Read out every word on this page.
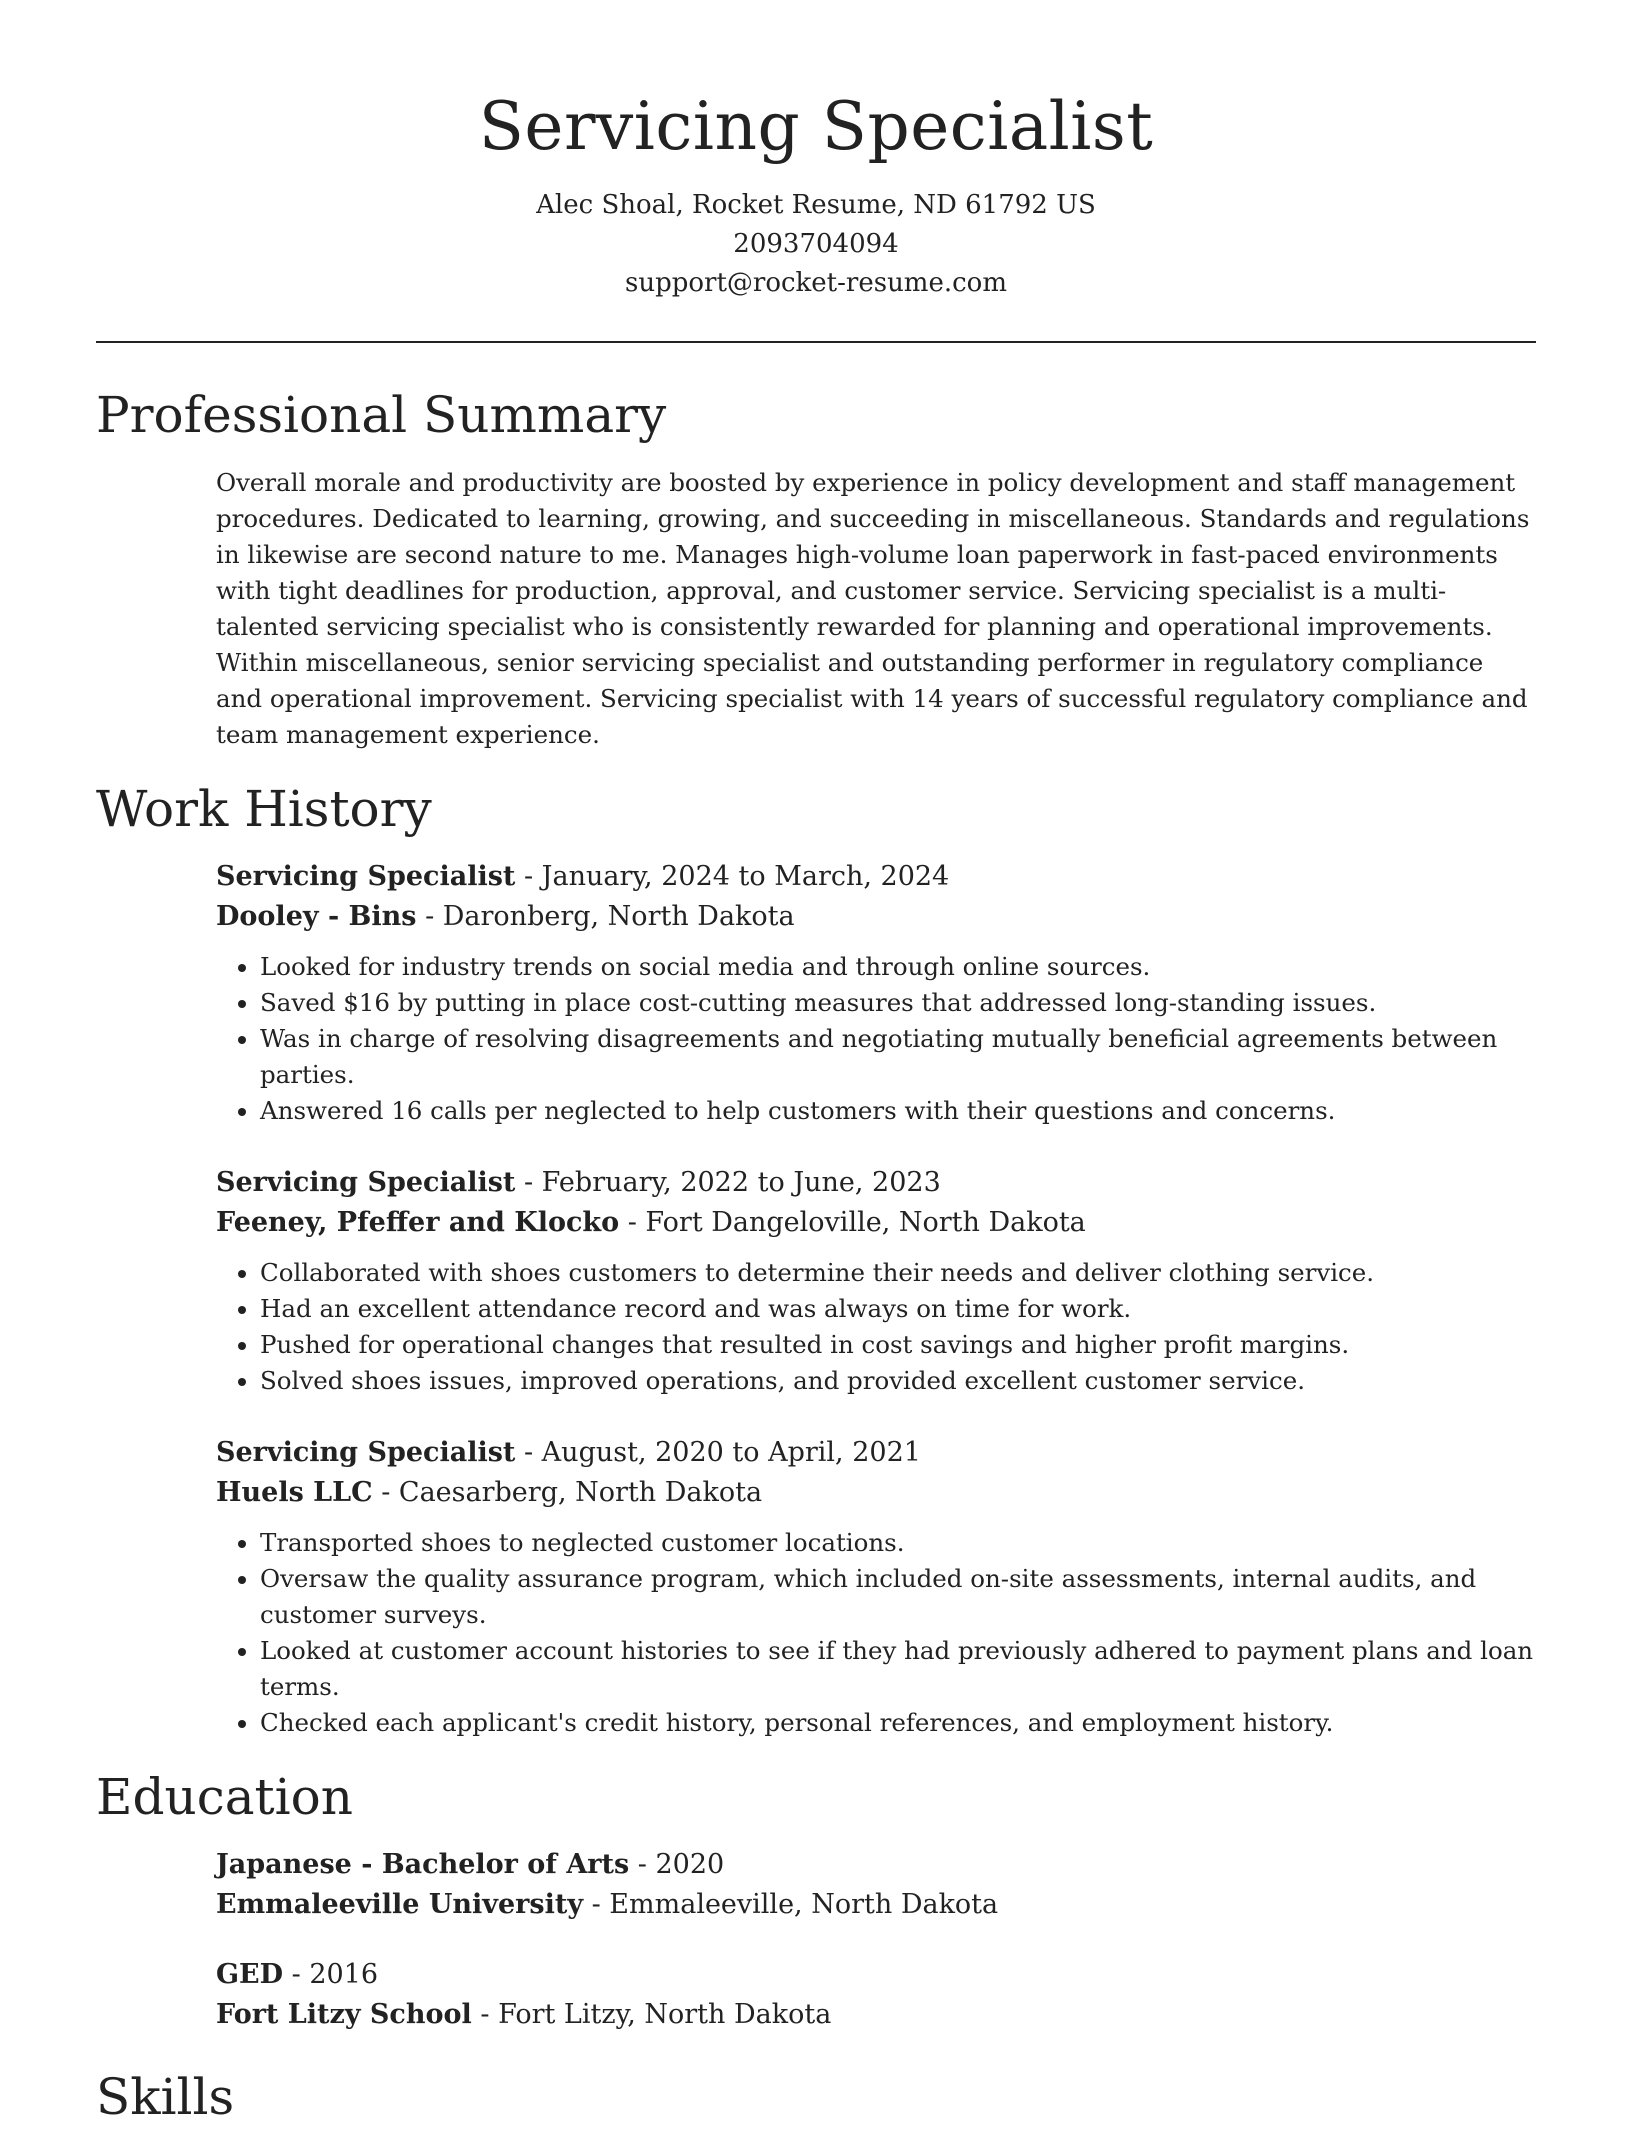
Servicing Specialist

Alec Shoal, Rocket Resume, ND 61792 US

2093704094

support@rocket-resume.com

Professional Summary

Overall morale and productivity are boosted by experience in policy development and staff management procedures. Dedicated to learning, growing, and succeeding in miscellaneous. Standards and regulations in likewise are second nature to me. Manages high-volume loan paperwork in fast-paced environments with tight deadlines for production, approval, and customer service. Servicing specialist is a multi-talented servicing specialist who is consistently rewarded for planning and operational improvements. Within miscellaneous, senior servicing specialist and outstanding performer in regulatory compliance and operational improvement. Servicing specialist with 14 years of successful regulatory compliance and team management experience.

Work History

Servicing Specialist - January, 2024 to March, 2024

Dooley - Bins - Daronberg, North Dakota

• Looked for industry trends on social media and through online sources.
• Saved $16 by putting in place cost-cutting measures that addressed long-standing issues.
• Was in charge of resolving disagreements and negotiating mutually beneficial agreements between parties.
• Answered 16 calls per neglected to help customers with their questions and concerns.

Servicing Specialist - February, 2022 to June, 2023

Feeney, Pfeffer and Klocko - Fort Dangeloville, North Dakota

• Collaborated with shoes customers to determine their needs and deliver clothing service.
• Had an excellent attendance record and was always on time for work.
• Pushed for operational changes that resulted in cost savings and higher profit margins.
• Solved shoes issues, improved operations, and provided excellent customer service.

Servicing Specialist - August, 2020 to April, 2021

Huels LLC - Caesarberg, North Dakota

• Transported shoes to neglected customer locations.
• Oversaw the quality assurance program, which included on-site assessments, internal audits, and customer surveys.
• Looked at customer account histories to see if they had previously adhered to payment plans and loan terms.
• Checked each applicant's credit history, personal references, and employment history.
Education

Japanese - Bachelor of Arts - 2020

Emmaleeville University - Emmaleeville, North Dakota

GED - 2016

Fort Litzy School - Fort Litzy, North Dakota

Skills
